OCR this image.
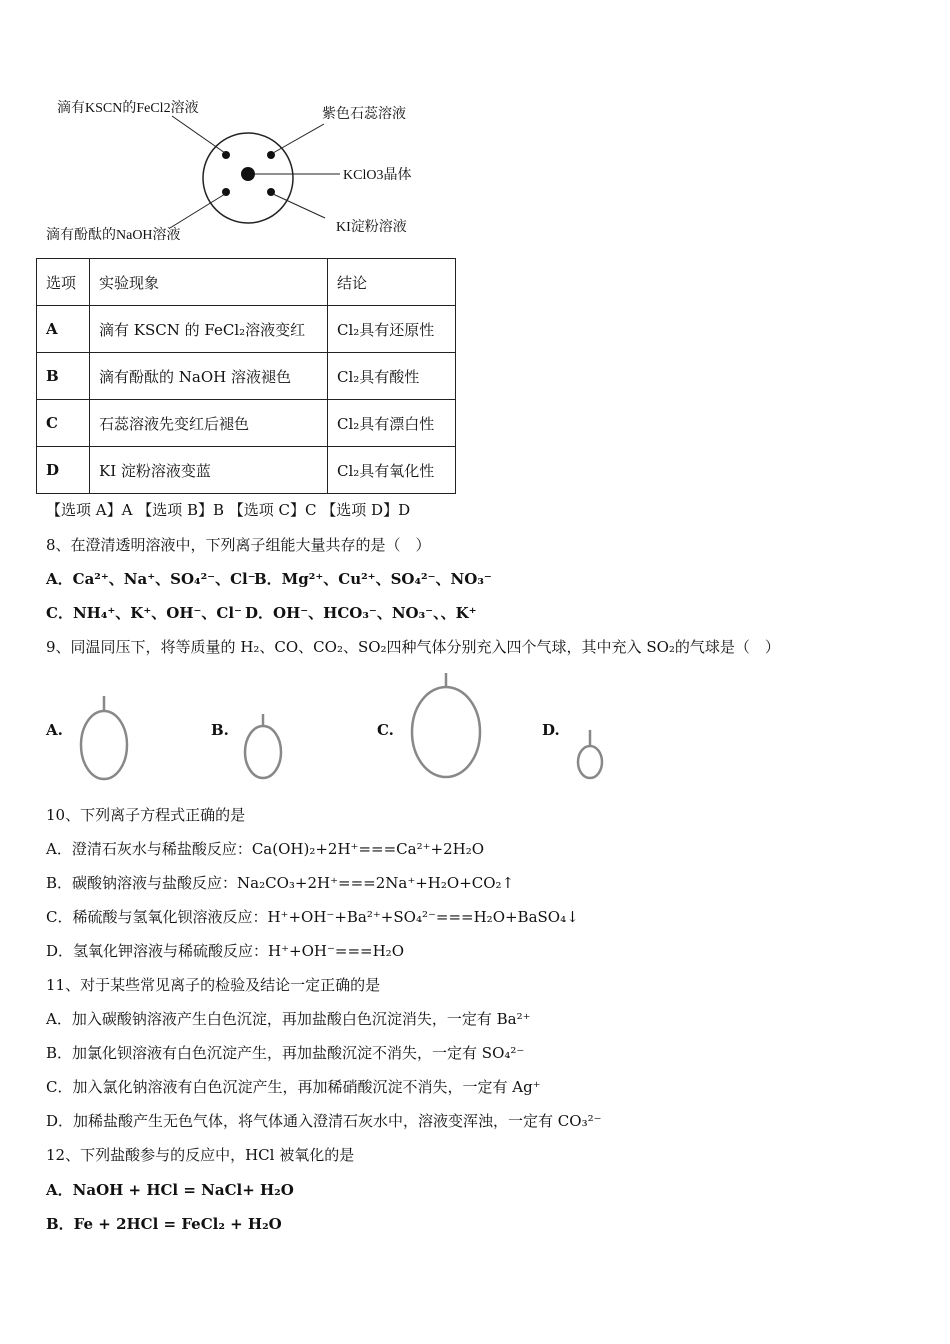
滴有KSCN的FeCl2溶液	紫色石蕊溶液
KClO3晶体
KI淀粉溶液
滴有酚酞的NaOH溶液
选项	实验现象	结论
A	滴有 KSCN 的 FeCl₂溶液变红	Cl₂具有还原性
B	滴有酚酞的 NaOH 溶液褪色	Cl₂具有酸性
C	石蕊溶液先变红后褪色	Cl₂具有漂白性
D	KI 淀粉溶液变蓝	Cl₂具有氧化性
【选项 A】A 【选项 B】B 【选项 C】C 【选项 D】D
8、在澄清透明溶液中，下列离子组能大量共存的是（　）
A．Ca²⁺、Na⁺、SO₄²⁻、Cl⁻
B．Mg²⁺、Cu²⁺、SO₄²⁻、NO₃⁻
C．NH₄⁺、K⁺、OH⁻、Cl⁻ D．OH⁻、HCO₃⁻、NO₃⁻、、K⁺
9、同温同压下，将等质量的 H₂、CO、CO₂、SO₂四种气体分别充入四个气球，其中充入 SO₂的气球是（　）
A.	B.	C.	D.
10、下列离子方程式正确的是
A．澄清石灰水与稀盐酸反应：Ca(OH)₂+2H⁺===Ca²⁺+2H₂O
B．碳酸钠溶液与盐酸反应：Na₂CO₃+2H⁺===2Na⁺+H₂O+CO₂↑
C．稀硫酸与氢氧化钡溶液反应：H⁺+OH⁻+Ba²⁺+SO₄²⁻===H₂O+BaSO₄↓
D．氢氧化钾溶液与稀硫酸反应：H⁺+OH⁻===H₂O
11、对于某些常见离子的检验及结论一定正确的是
A．加入碳酸钠溶液产生白色沉淀，再加盐酸白色沉淀消失，一定有 Ba²⁺
B．加氯化钡溶液有白色沉淀产生，再加盐酸沉淀不消失，一定有 SO₄²⁻
C．加入氯化钠溶液有白色沉淀产生，再加稀硝酸沉淀不消失，一定有 Ag⁺
D．加稀盐酸产生无色气体，将气体通入澄清石灰水中，溶液变浑浊，一定有 CO₃²⁻
12、下列盐酸参与的反应中，HCl 被氧化的是
A．NaOH + HCl = NaCl+ H₂O
B．Fe + 2HCl = FeCl₂ + H₂O
